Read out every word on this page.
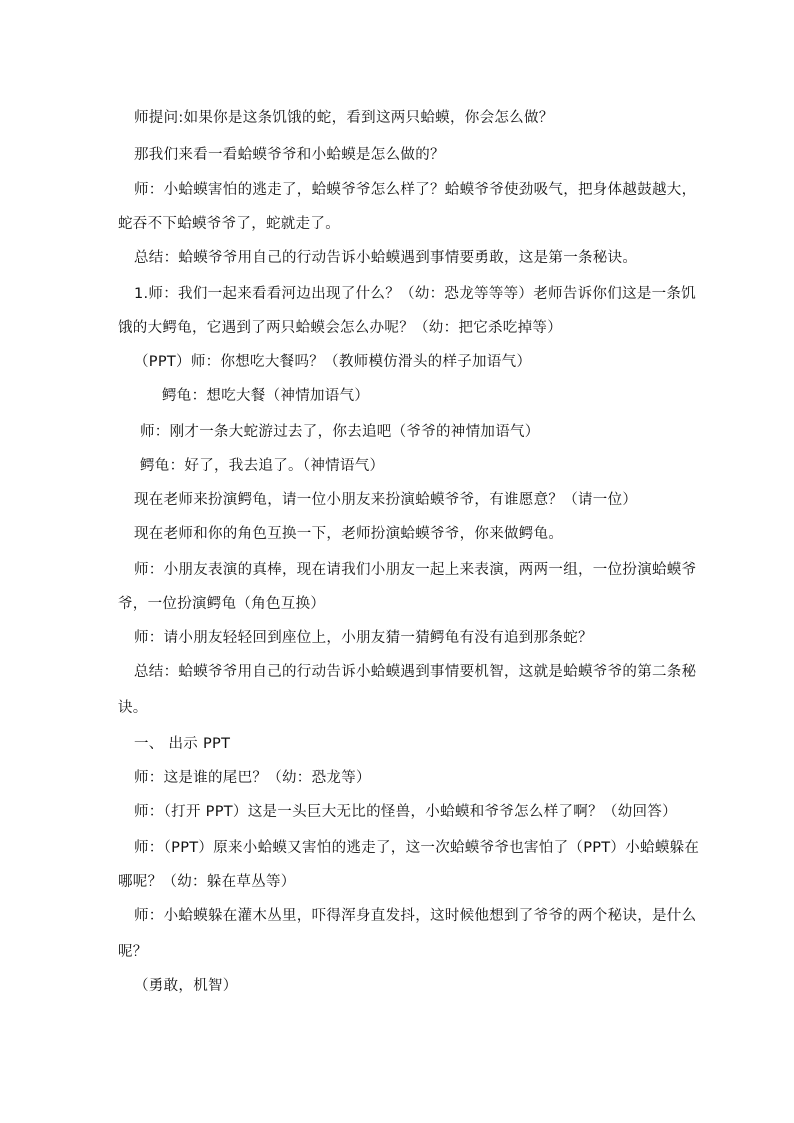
师提问:如果你是这条饥饿的蛇，看到这两只蛤蟆，你会怎么做？
那我们来看一看蛤蟆爷爷和小蛤蟆是怎么做的？
师：小蛤蟆害怕的逃走了，蛤蟆爷爷怎么样了？蛤蟆爷爷使劲吸气，把身体越鼓越大，
蛇吞不下蛤蟆爷爷了，蛇就走了。
总结：蛤蟆爷爷用自己的行动告诉小蛤蟆遇到事情要勇敢，这是第一条秘诀。
1.师：我们一起来看看河边出现了什么？（幼：恐龙等等等）老师告诉你们这是一条饥
饿的大鳄龟，它遇到了两只蛤蟆会怎么办呢？（幼：把它杀吃掉等）
（PPT）师：你想吃大餐吗？（教师模仿滑头的样子加语气）
鳄龟：想吃大餐（神情加语气）
师：刚才一条大蛇游过去了，你去追吧（爷爷的神情加语气）
鳄龟：好了，我去追了。（神情语气）
现在老师来扮演鳄龟，请一位小朋友来扮演蛤蟆爷爷，有谁愿意？（请一位）
现在老师和你的角色互换一下，老师扮演蛤蟆爷爷，你来做鳄龟。
师：小朋友表演的真棒，现在请我们小朋友一起上来表演，两两一组，一位扮演蛤蟆爷
爷，一位扮演鳄龟（角色互换）
师：请小朋友轻轻回到座位上，小朋友猜一猜鳄龟有没有追到那条蛇？
总结：蛤蟆爷爷用自己的行动告诉小蛤蟆遇到事情要机智，这就是蛤蟆爷爷的第二条秘
诀。
一、 出示 PPT
师：这是谁的尾巴？（幼：恐龙等）
师：（打开 PPT）这是一头巨大无比的怪兽，小蛤蟆和爷爷怎么样了啊？（幼回答）
师：（PPT）原来小蛤蟆又害怕的逃走了，这一次蛤蟆爷爷也害怕了（PPT）小蛤蟆躲在
哪呢？（幼：躲在草丛等）
师：小蛤蟆躲在灌木丛里，吓得浑身直发抖，这时候他想到了爷爷的两个秘诀，是什么
呢？
（勇敢，机智）
